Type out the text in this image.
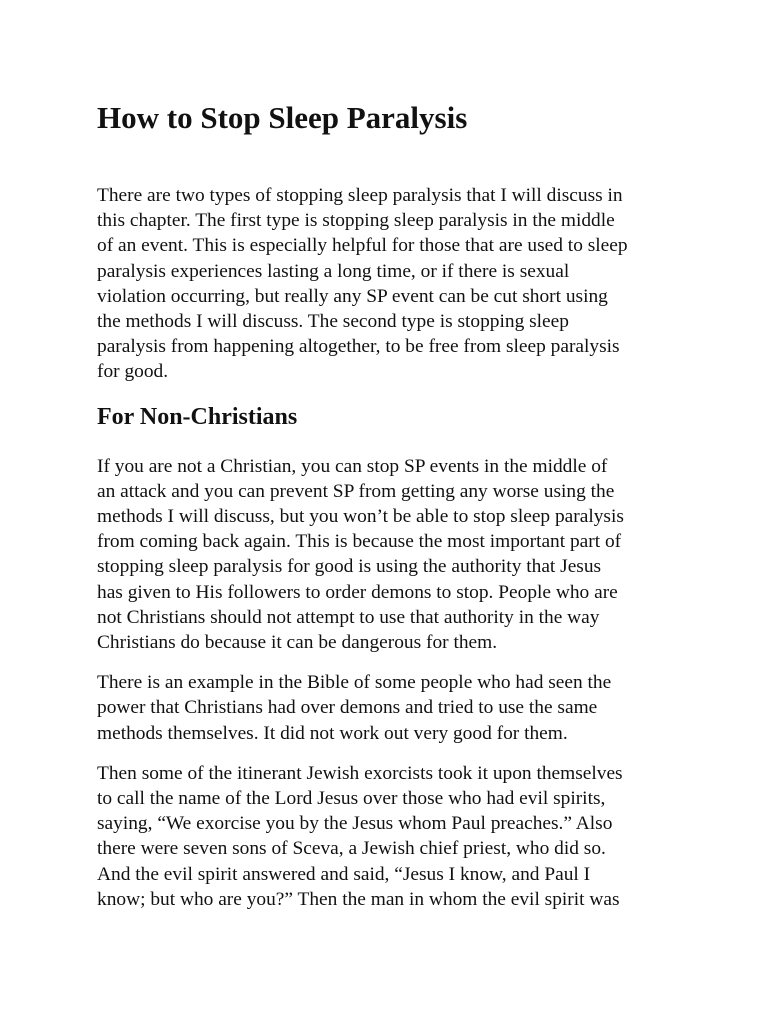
How to Stop Sleep Paralysis

There are two types of stopping sleep paralysis that I will discuss in
this chapter. The first type is stopping sleep paralysis in the middle
of an event. This is especially helpful for those that are used to sleep
paralysis experiences lasting a long time, or if there is sexual
violation occurring, but really any SP event can be cut short using
the methods I will discuss. The second type is stopping sleep
paralysis from happening altogether, to be free from sleep paralysis
for good.

For Non-Christians

If you are not a Christian, you can stop SP events in the middle of
an attack and you can prevent SP from getting any worse using the
methods I will discuss, but you won’t be able to stop sleep paralysis
from coming back again. This is because the most important part of
stopping sleep paralysis for good is using the authority that Jesus
has given to His followers to order demons to stop. People who are
not Christians should not attempt to use that authority in the way
Christians do because it can be dangerous for them.

There is an example in the Bible of some people who had seen the
power that Christians had over demons and tried to use the same
methods themselves. It did not work out very good for them.

Then some of the itinerant Jewish exorcists took it upon themselves
to call the name of the Lord Jesus over those who had evil spirits,
saying, “We exorcise you by the Jesus whom Paul preaches.” Also
there were seven sons of Sceva, a Jewish chief priest, who did so.
And the evil spirit answered and said, “Jesus I know, and Paul I
know; but who are you?” Then the man in whom the evil spirit was
